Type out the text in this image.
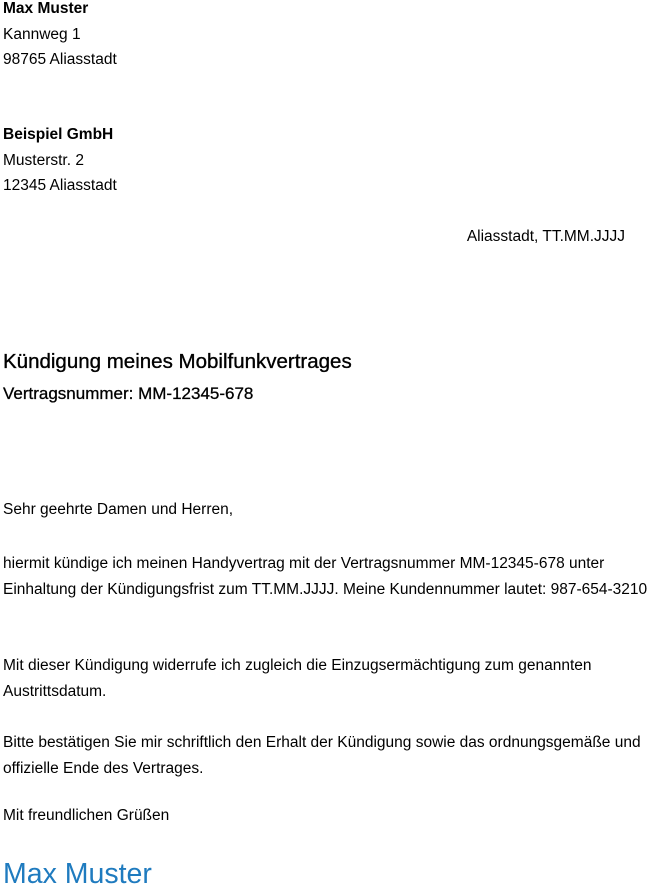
Max Muster
Kannweg 1
98765 Aliasstadt
Beispiel GmbH
Musterstr. 2
12345 Aliasstadt
Aliasstadt, TT.MM.JJJJ
Kündigung meines Mobilfunkvertrages
Vertragsnummer: MM-12345-678
Sehr geehrte Damen und Herren,
hiermit kündige ich meinen Handyvertrag mit der Vertragsnummer MM-12345-678 unter Einhaltung der Kündigungsfrist zum TT.MM.JJJJ. Meine Kundennummer lautet: 987-654-3210
Mit dieser Kündigung widerrufe ich zugleich die Einzugsermächtigung zum genannten Austrittsdatum.
Bitte bestätigen Sie mir schriftlich den Erhalt der Kündigung sowie das ordnungsgemäße und offizielle Ende des Vertrages.
Mit freundlichen Grüßen
Max Muster
